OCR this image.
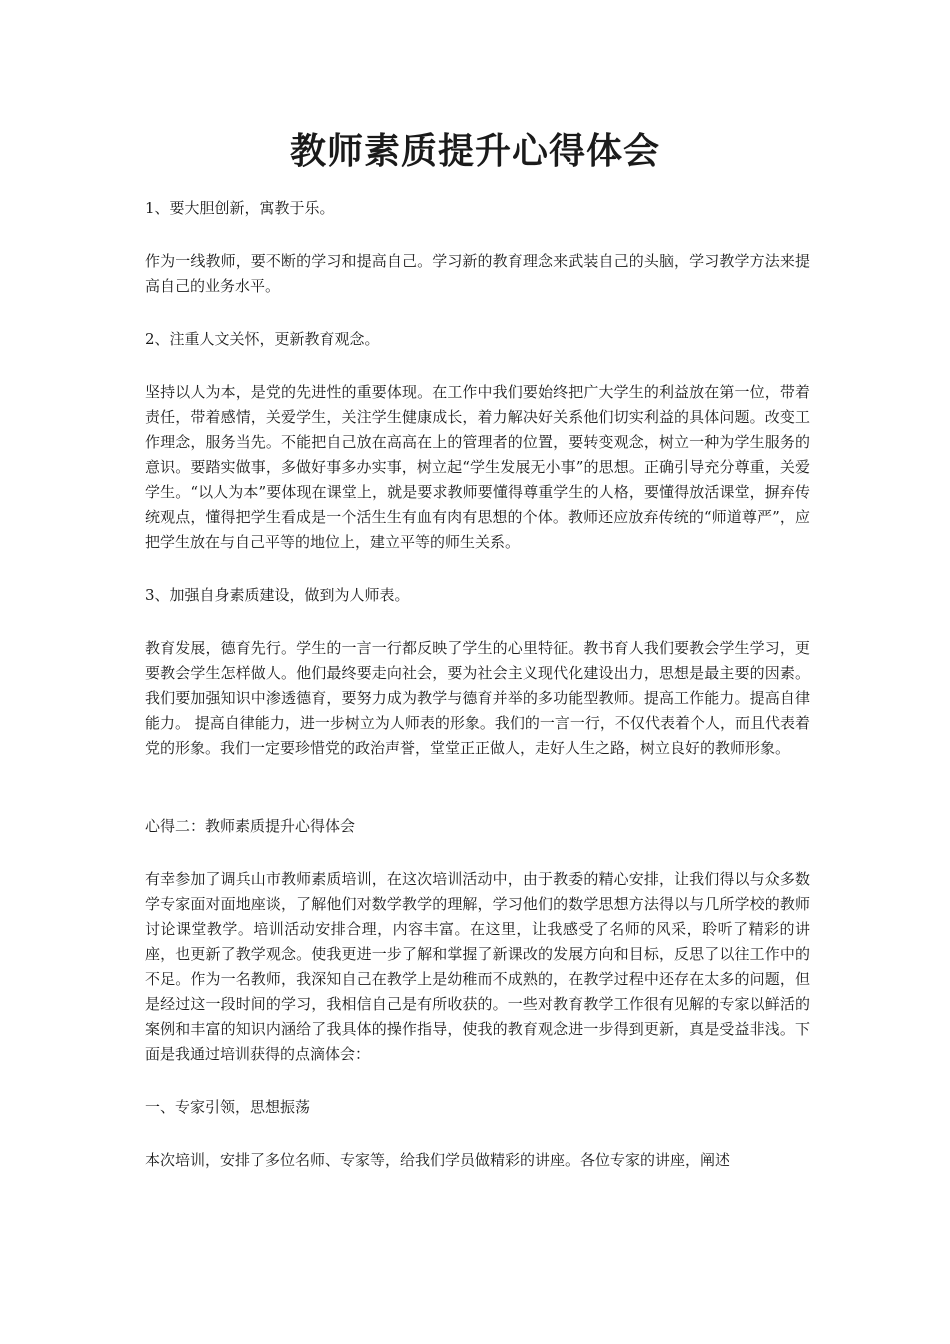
教师素质提升心得体会

1、要大胆创新，寓教于乐。

作为一线教师，要不断的学习和提高自己。学习新的教育理念来武装自己的头脑，学习教学方法来提高自己的业务水平。

2、注重人文关怀，更新教育观念。

坚持以人为本，是党的先进性的重要体现。在工作中我们要始终把广大学生的利益放在第一位，带着责任，带着感情，关爱学生，关注学生健康成长，着力解决好关系他们切实利益的具体问题。改变工作理念，服务当先。不能把自己放在高高在上的管理者的位置，要转变观念，树立一种为学生服务的意识。要踏实做事，多做好事多办实事，树立起“学生发展无小事”的思想。正确引导充分尊重，关爱学生。“以人为本”要体现在课堂上，就是要求教师要懂得尊重学生的人格，要懂得放活课堂，摒弃传统观点，懂得把学生看成是一个活生生有血有肉有思想的个体。教师还应放弃传统的“师道尊严”，应把学生放在与自己平等的地位上，建立平等的师生关系。

3、加强自身素质建设，做到为人师表。

教育发展，德育先行。学生的一言一行都反映了学生的心里特征。教书育人我们要教会学生学习，更要教会学生怎样做人。他们最终要走向社会，要为社会主义现代化建设出力，思想是最主要的因素。我们要加强知识中渗透德育，要努力成为教学与德育并举的多功能型教师。提高工作能力。提高自律能力。 提高自律能力，进一步树立为人师表的形象。我们的一言一行，不仅代表着个人，而且代表着党的形象。我们一定要珍惜党的政治声誉，堂堂正正做人，走好人生之路，树立良好的教师形象。

心得二：教师素质提升心得体会

有幸参加了调兵山市教师素质培训，在这次培训活动中，由于教委的精心安排，让我们得以与众多数学专家面对面地座谈，了解他们对数学教学的理解，学习他们的数学思想方法得以与几所学校的教师讨论课堂教学。培训活动安排合理，内容丰富。在这里，让我感受了名师的风采，聆听了精彩的讲座，也更新了教学观念。使我更进一步了解和掌握了新课改的发展方向和目标，反思了以往工作中的不足。作为一名教师，我深知自己在教学上是幼稚而不成熟的，在教学过程中还存在太多的问题，但是经过这一段时间的学习，我相信自己是有所收获的。一些对教育教学工作很有见解的专家以鲜活的案例和丰富的知识内涵给了我具体的操作指导，使我的教育观念进一步得到更新，真是受益非浅。下面是我通过培训获得的点滴体会：

一、专家引领，思想振荡

本次培训，安排了多位名师、专家等，给我们学员做精彩的讲座。各位专家的讲座，阐述
